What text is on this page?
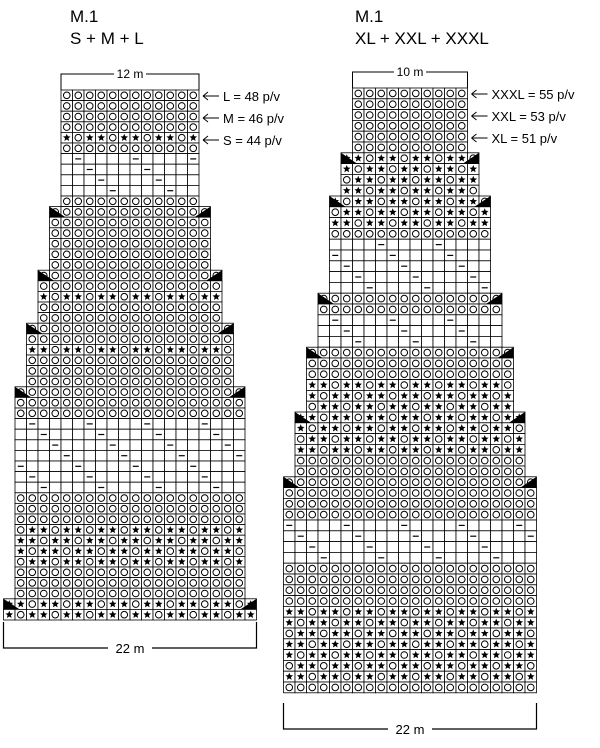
M.1
S + M + L
M.1
XL + XXL + XXXL
12 m
22 m
L = 48 p/v
M = 46 p/v
S = 44 p/v
10 m
22 m
XXXL = 55 p/v
XXL = 53 p/v
XL = 51 p/v
